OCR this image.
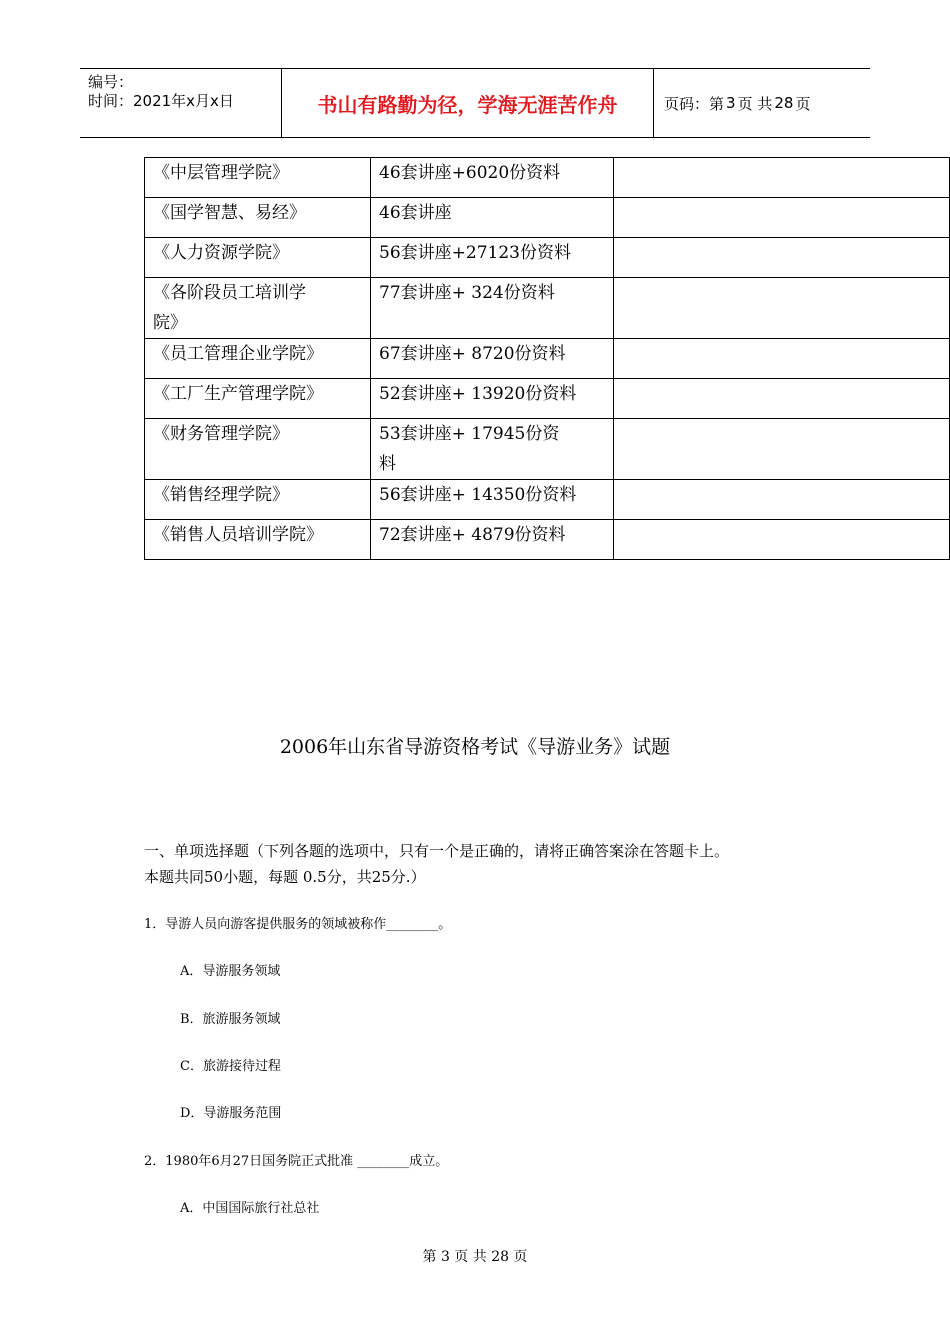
编号：
时间：2021年x月x日	书山有路勤为径，学海无涯苦作舟	页码：第 3 页 共 28 页
《中层管理学院》	46套讲座+6020份资料	
《国学智慧、易经》	46套讲座	
《人力资源学院》	56套讲座+27123份资料	

《各阶段员工培训学
院》	77套讲座+ 324份资料	
《员工管理企业学院》	67套讲座+ 8720份资料	
《工厂生产管理学院》	52套讲座+ 13920份资料	
《财务管理学院》	53套讲座+ 17945份资
料	

《销售经理学院》	56套讲座+ 14350份资料	
《销售人员培训学院》	72套讲座+ 4879份资料	
2006年山东省导游资格考试《导游业务》试题
一、单项选择题（下列各题的选项中，只有一个是正确的，请将正确答案涂在答题卡上。
本题共同50小题，每题 0.5分，共25分.）
1．导游人员向游客提供服务的领域被称作________。
A．导游服务领域
B．旅游服务领域
C．旅游接待过程
D．导游服务范围
2．1980年6月27日国务院正式批准 ________成立。
A．中国国际旅行社总社
第 3 页 共 28 页
